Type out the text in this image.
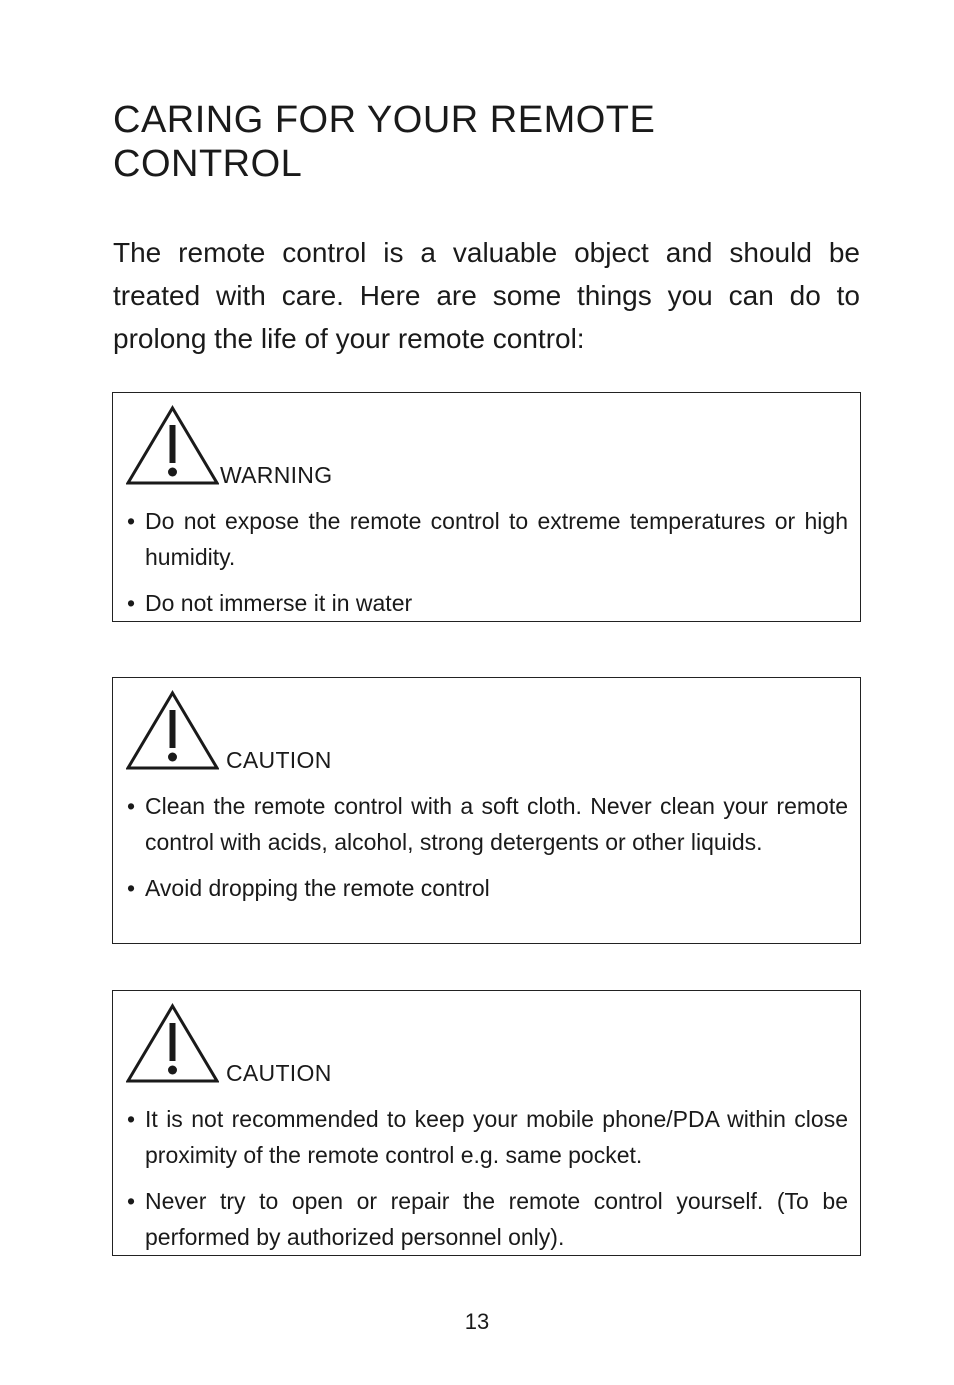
CARING FOR YOUR REMOTE CONTROL

The remote control is a valuable object and should be treated with care. Here are some things you can do to prolong the life of your remote control:

WARNING
• Do not expose the remote control to extreme temperatures or high humidity.
• Do not immerse it in water
CAUTION
• Clean the remote control with a soft cloth. Never clean your remote control with acids, alcohol, strong detergents or other liquids.
• Avoid dropping the remote control
CAUTION
• It is not recommended to keep your mobile phone/PDA within close proximity of the remote control e.g. same pocket.
• Never try to open or repair the remote control yourself. (To be performed by authorized personnel only).
13
